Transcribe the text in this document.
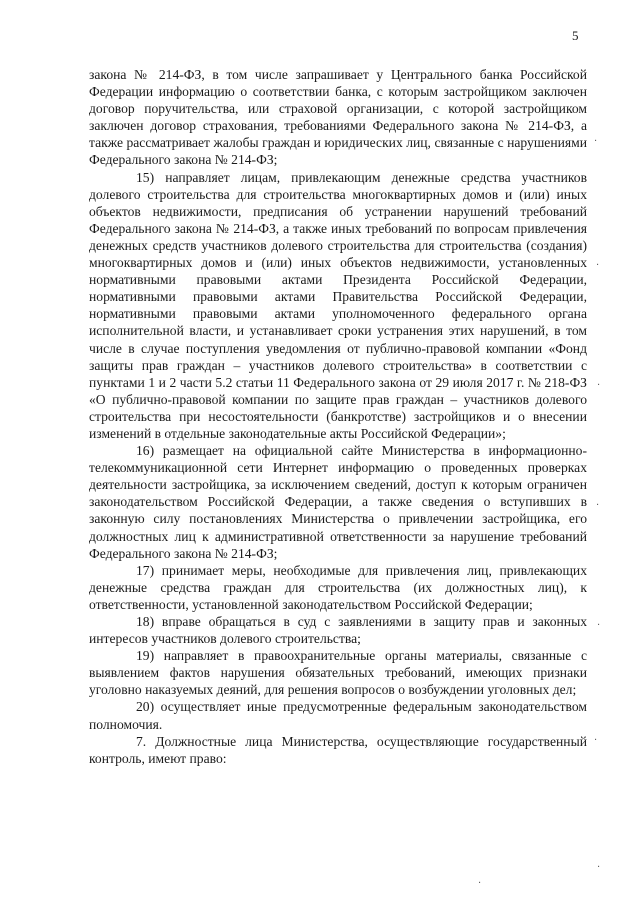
5

закона № 214-ФЗ, в том числе запрашивает у Центрального банка Российской Федерации информацию о соответствии банка, с которым застройщиком заключен договор поручительства, или страховой организации, с которой застройщиком заключен договор страхования, требованиями Федерального закона № 214-ФЗ, а также рассматривает жалобы граждан и юридических лиц, связанные с нарушениями Федерального закона № 214-ФЗ;

15) направляет лицам, привлекающим денежные средства участников долевого строительства для строительства многоквартирных домов и (или) иных объектов недвижимости, предписания об устранении нарушений требований Федерального закона № 214-ФЗ, а также иных требований по вопросам привлечения денежных средств участников долевого строительства для строительства (создания) многоквартирных домов и (или) иных объектов недвижимости, установленных нормативными правовыми актами Президента Российской Федерации, нормативными правовыми актами Правительства Российской Федерации, нормативными правовыми актами уполномоченного федерального органа исполнительной власти, и устанавливает сроки устранения этих нарушений, в том числе в случае поступления уведомления от публично-правовой компании «Фонд защиты прав граждан – участников долевого строительства» в соответствии с пунктами 1 и 2 части 5.2 статьи 11 Федерального закона от 29 июля 2017 г. № 218-ФЗ «О публично-правовой компании по защите прав граждан – участников долевого строительства при несостоятельности (банкротстве) застройщиков и о внесении изменений в отдельные законодательные акты Российской Федерации»;

16) размещает на официальной сайте Министерства в информационно-телекоммуникационной сети Интернет информацию о проведенных проверках деятельности застройщика, за исключением сведений, доступ к которым ограничен законодательством Российской Федерации, а также сведения о вступивших в законную силу постановлениях Министерства о привлечении застройщика, его должностных лиц к административной ответственности за нарушение требований Федерального закона № 214-ФЗ;

17) принимает меры, необходимые для привлечения лиц, привлекающих денежные средства граждан для строительства (их должностных лиц), к ответственности, установленной законодательством Российской Федерации;

18) вправе обращаться в суд с заявлениями в защиту прав и законных интересов участников долевого строительства;

19) направляет в правоохранительные органы материалы, связанные с выявлением фактов нарушения обязательных требований, имеющих признаки уголовно наказуемых деяний, для решения вопросов о возбуждении уголовных дел;

20) осуществляет иные предусмотренные федеральным законодательством полномочия.

7. Должностные лица Министерства, осуществляющие государственный контроль, имеют право:

·
·
·
·
·
·
·
·
